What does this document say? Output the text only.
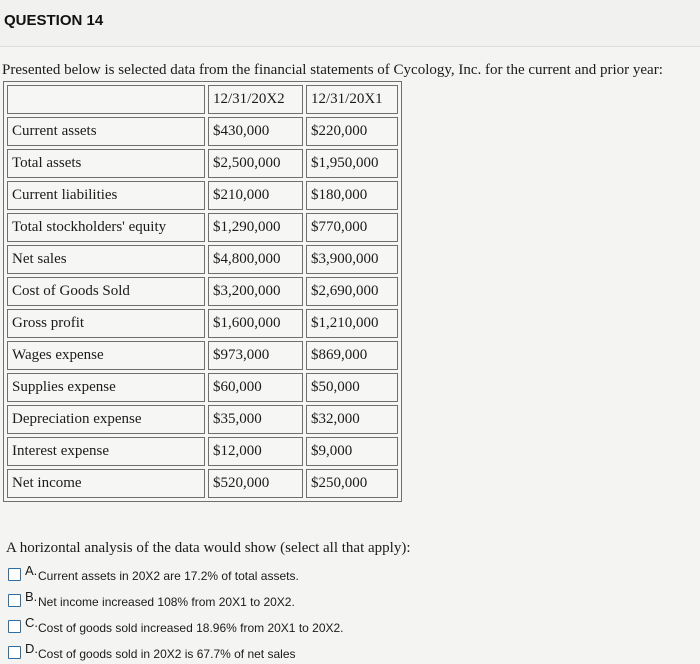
QUESTION 14
Presented below is selected data from the financial statements of Cycology, Inc. for the current and prior year:
	12/31/20X2	12/31/20X1
Current assets	$430,000	$220,000
Total assets	$2,500,000	$1,950,000
Current liabilities	$210,000	$180,000
Total stockholders' equity	$1,290,000	$770,000
Net sales	$4,800,000	$3,900,000
Cost of Goods Sold	$3,200,000	$2,690,000
Gross profit	$1,600,000	$1,210,000
Wages expense	$973,000	$869,000
Supplies expense	$60,000	$50,000
Depreciation expense	$35,000	$32,000
Interest expense	$12,000	$9,000
Net income	$520,000	$250,000
A horizontal analysis of the data would show (select all that apply):
A. Current assets in 20X2 are 17.2% of total assets.
B. Net income increased 108% from 20X1 to 20X2.
C. Cost of goods sold increased 18.96% from 20X1 to 20X2.
D. Cost of goods sold in 20X2 is 67.7% of net sales
